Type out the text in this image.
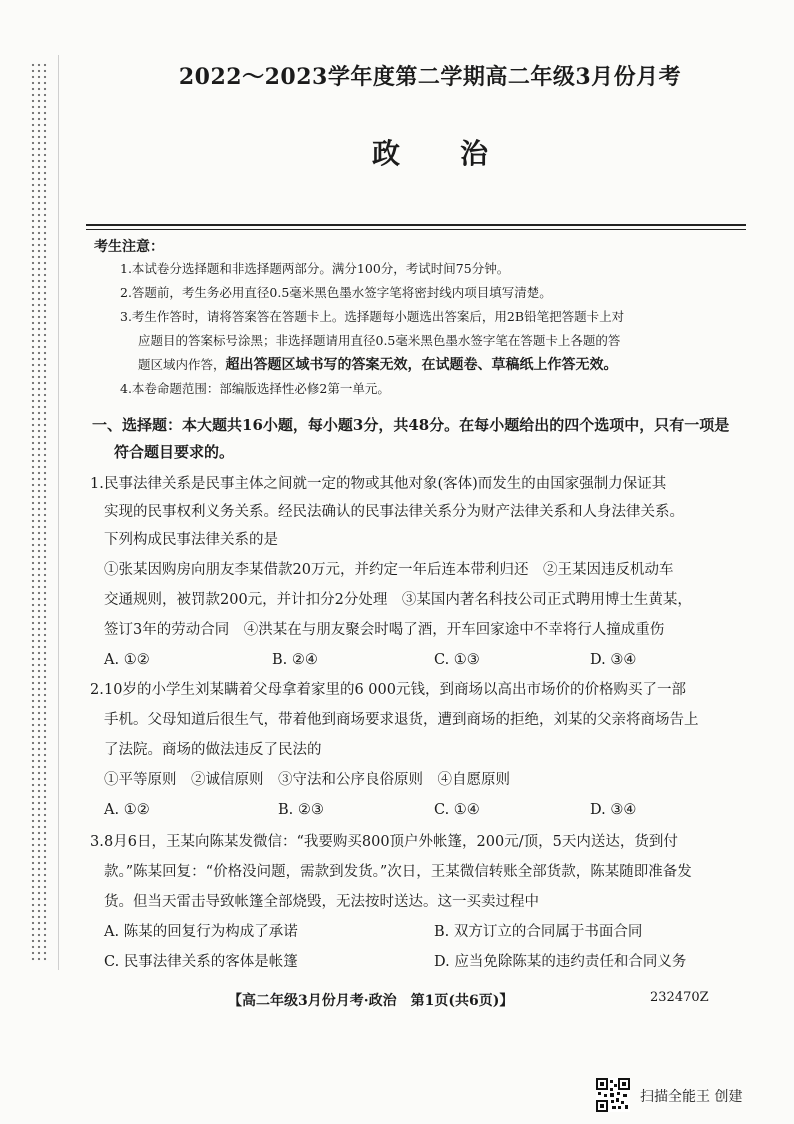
2022～2023学年度第二学期高二年级3月份月考
政治
考生注意：
1.本试卷分选择题和非选择题两部分。满分100分，考试时间75分钟。
2.答题前，考生务必用直径0.5毫米黑色墨水签字笔将密封线内项目填写清楚。
3.考生作答时，请将答案答在答题卡上。选择题每小题选出答案后，用2B铅笔把答题卡上对
应题目的答案标号涂黑；非选择题请用直径0.5毫米黑色墨水签字笔在答题卡上各题的答
题区域内作答，超出答题区域书写的答案无效，在试题卷、草稿纸上作答无效。
4.本卷命题范围：部编版选择性必修2第一单元。
一、选择题：本大题共16小题，每小题3分，共48分。在每小题给出的四个选项中，只有一项是
符合题目要求的。
1. 民事法律关系是民事主体之间就一定的物或其他对象(客体)而发生的由国家强制力保证其
实现的民事权利义务关系。经民法确认的民事法律关系分为财产法律关系和人身法律关系。
下列构成民事法律关系的是
①张某因购房向朋友李某借款20万元，并约定一年后连本带利归还　②王某因违反机动车
交通规则，被罚款200元，并计扣分2分处理　③某国内著名科技公司正式聘用博士生黄某，
签订3年的劳动合同　④洪某在与朋友聚会时喝了酒，开车回家途中不幸将行人撞成重伤
A. ①②	B. ②④	C. ①③	D. ③④
2. 10岁的小学生刘某瞒着父母拿着家里的6 000元钱，到商场以高出市场价的价格购买了一部
手机。父母知道后很生气，带着他到商场要求退货，遭到商场的拒绝，刘某的父亲将商场告上
了法院。商场的做法违反了民法的
①平等原则　②诚信原则　③守法和公序良俗原则　④自愿原则
A. ①②	B. ②③	C. ①④	D. ③④
3. 8月6日，王某向陈某发微信：“我要购买800顶户外帐篷，200元/顶，5天内送达，货到付
款。”陈某回复：“价格没问题，需款到发货。”次日，王某微信转账全部货款，陈某随即准备发
货。但当天雷击导致帐篷全部烧毁，无法按时送达。这一买卖过程中
A. 陈某的回复行为构成了承诺	B. 双方订立的合同属于书面合同
C. 民事法律关系的客体是帐篷	D. 应当免除陈某的违约责任和合同义务
【高二年级3月份月考·政治　第1页(共6页)】	232470Z
扫描全能王 创建
